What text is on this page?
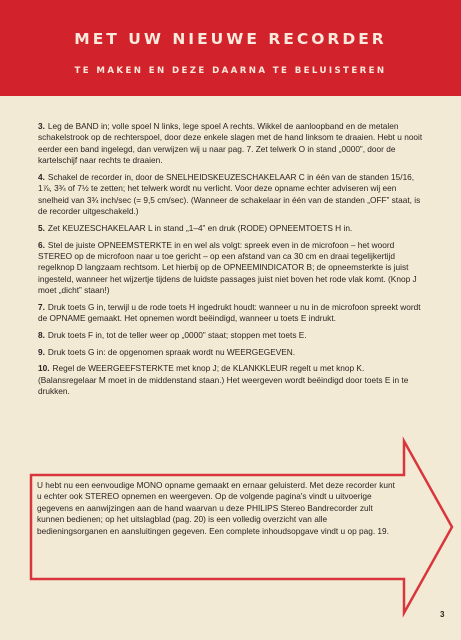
MET UW NIEUWE RECORDER
TE MAKEN EN DEZE DAARNA TE BELUISTEREN

3. Leg de BAND in; volle spoel N links, lege spoel A rechts. Wikkel de aanloopband en de metalen schakelstrook op de rechterspoel, door deze enkele slagen met de hand linksom te draaien. Hebt u nooit eerder een band ingelegd, dan verwijzen wij u naar pag. 7. Zet telwerk O in stand „0000”, door de kartelschijf naar rechts te draaien.

4. Schakel de recorder in, door de SNELHEIDSKEUZESCHAKELAAR C in één van de standen 15/16, 1⅞, 3¾ of 7½ te zetten; het telwerk wordt nu verlicht. Voor deze opname echter adviseren wij een snelheid van 3¾ inch/sec (= 9,5 cm/sec). (Wanneer de schakelaar in één van de standen „OFF” staat, is de recorder uitgeschakeld.)

5. Zet KEUZESCHAKELAAR L in stand „1–4” en druk (RODE) OPNEEMTOETS H in.

6. Stel de juiste OPNEEMSTERKTE in en wel als volgt: spreek even in de microfoon – het woord STEREO op de microfoon naar u toe gericht – op een afstand van ca 30 cm en draai tegelijkertijd regelknop D langzaam rechtsom. Let hierbij op de OPNEEMINDICATOR B; de opneemsterkte is juist ingesteld, wanneer het wijzertje tijdens de luidste passages juist niet boven het rode vlak komt. (Knop J moet „dicht” staan!)

7. Druk toets G in, terwijl u de rode toets H ingedrukt houdt: wanneer u nu in de microfoon spreekt wordt de OPNAME gemaakt. Het opnemen wordt beëindigd, wanneer u toets E indrukt.

8. Druk toets F in, tot de teller weer op „0000” staat; stoppen met toets E.

9. Druk toets G in: de opgenomen spraak wordt nu WEERGEGEVEN.

10. Regel de WEERGEEFSTERKTE met knop J; de KLANKKLEUR regelt u met knop K. (Balansregelaar M moet in de middenstand staan.) Het weergeven wordt beëindigd door toets E in te drukken.

U hebt nu een eenvoudige MONO opname gemaakt en ernaar geluisterd. Met deze recorder kunt u echter ook STEREO opnemen en weergeven. Op de volgende pagina's vindt u uitvoerige gegevens en aanwijzingen aan de hand waarvan u deze PHILIPS Stereo Bandrecorder zult kunnen bedienen; op het uitslagblad (pag. 20) is een volledig overzicht van alle bedieningsorganen en aansluitingen gegeven. Een complete inhoudsopgave vindt u op pag. 19.
3
